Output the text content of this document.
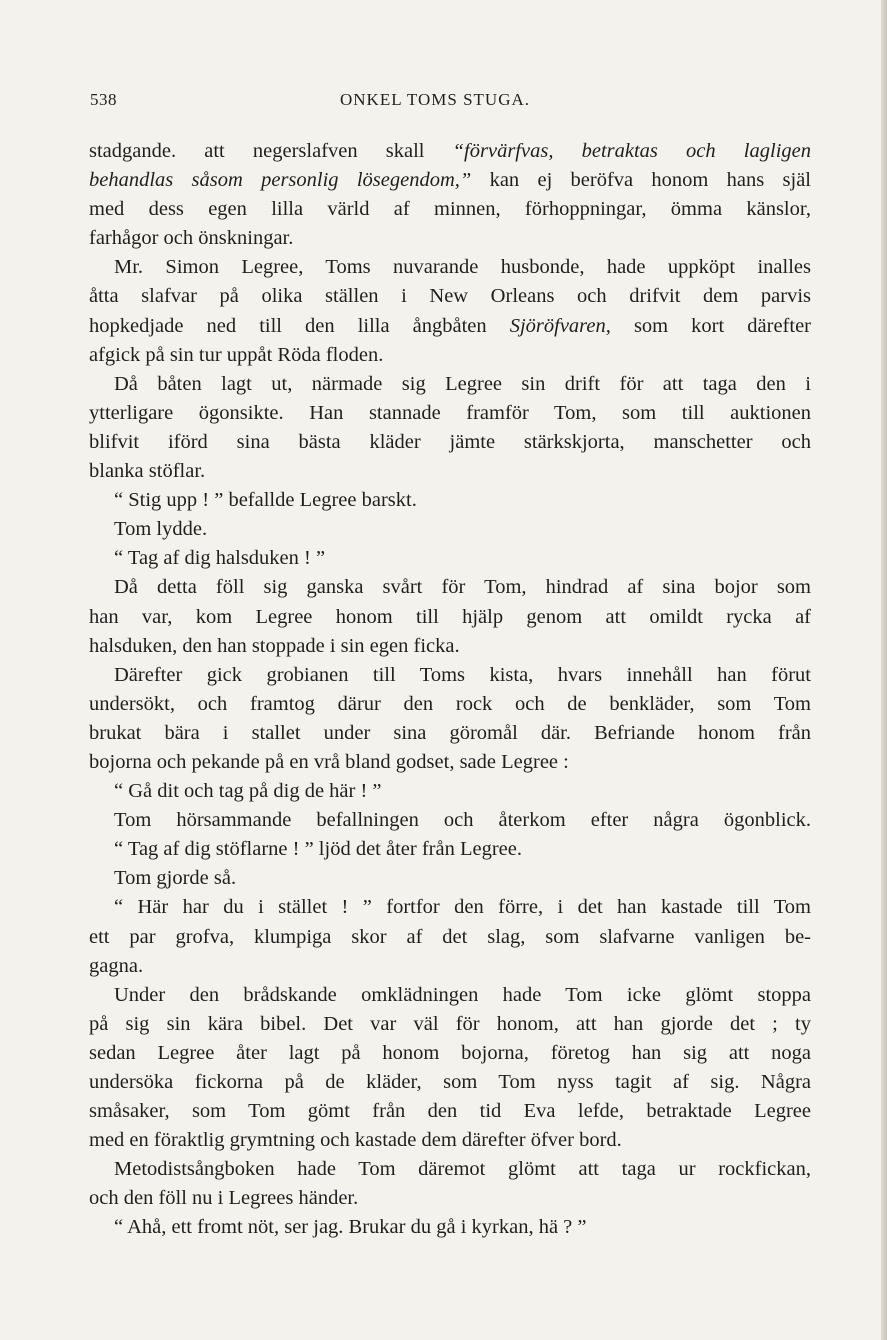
538	ONKEL TOMS STUGA.
stadgande. att negerslafven skall “förvärfvas, betraktas och lagligen
behandlas såsom personlig lösegendom,” kan ej beröfva honom hans själ
med dess egen lilla värld af minnen, förhoppningar, ömma känslor,
farhågor och önskningar.
Mr. Simon Legree, Toms nuvarande husbonde, hade uppköpt inalles
åtta slafvar på olika ställen i New Orleans och drifvit dem parvis
hopkedjade ned till den lilla ångbåten Sjöröfvaren, som kort därefter
afgick på sin tur uppåt Röda floden.
Då båten lagt ut, närmade sig Legree sin drift för att taga den i
ytterligare ögonsikte. Han stannade framför Tom, som till auktionen
blifvit iförd sina bästa kläder jämte stärkskjorta, manschetter och
blanka stöflar.
“ Stig upp ! ” befallde Legree barskt.
Tom lydde.
“ Tag af dig halsduken ! ”
Då detta föll sig ganska svårt för Tom, hindrad af sina bojor som
han var, kom Legree honom till hjälp genom att omildt rycka af
halsduken, den han stoppade i sin egen ficka.
Därefter gick grobianen till Toms kista, hvars innehåll han förut
undersökt, och framtog därur den rock och de benkläder, som Tom
brukat bära i stallet under sina göromål där. Befriande honom från
bojorna och pekande på en vrå bland godset, sade Legree :
“ Gå dit och tag på dig de här ! ”
Tom hörsammande befallningen och återkom efter några ögonblick.
“ Tag af dig stöflarne ! ” ljöd det åter från Legree.
Tom gjorde så.
“ Här har du i stället ! ” fortfor den förre, i det han kastade till Tom
ett par grofva, klumpiga skor af det slag, som slafvarne vanligen be-
gagna.
Under den brådskande omklädningen hade Tom icke glömt stoppa
på sig sin kära bibel. Det var väl för honom, att han gjorde det ; ty
sedan Legree åter lagt på honom bojorna, företog han sig att noga
undersöka fickorna på de kläder, som Tom nyss tagit af sig. Några
småsaker, som Tom gömt från den tid Eva lefde, betraktade Legree
med en föraktlig grymtning och kastade dem därefter öfver bord.
Metodistsångboken hade Tom däremot glömt att taga ur rockfickan,
och den föll nu i Legrees händer.
“ Ahå, ett fromt nöt, ser jag. Brukar du gå i kyrkan, hä ? ”
